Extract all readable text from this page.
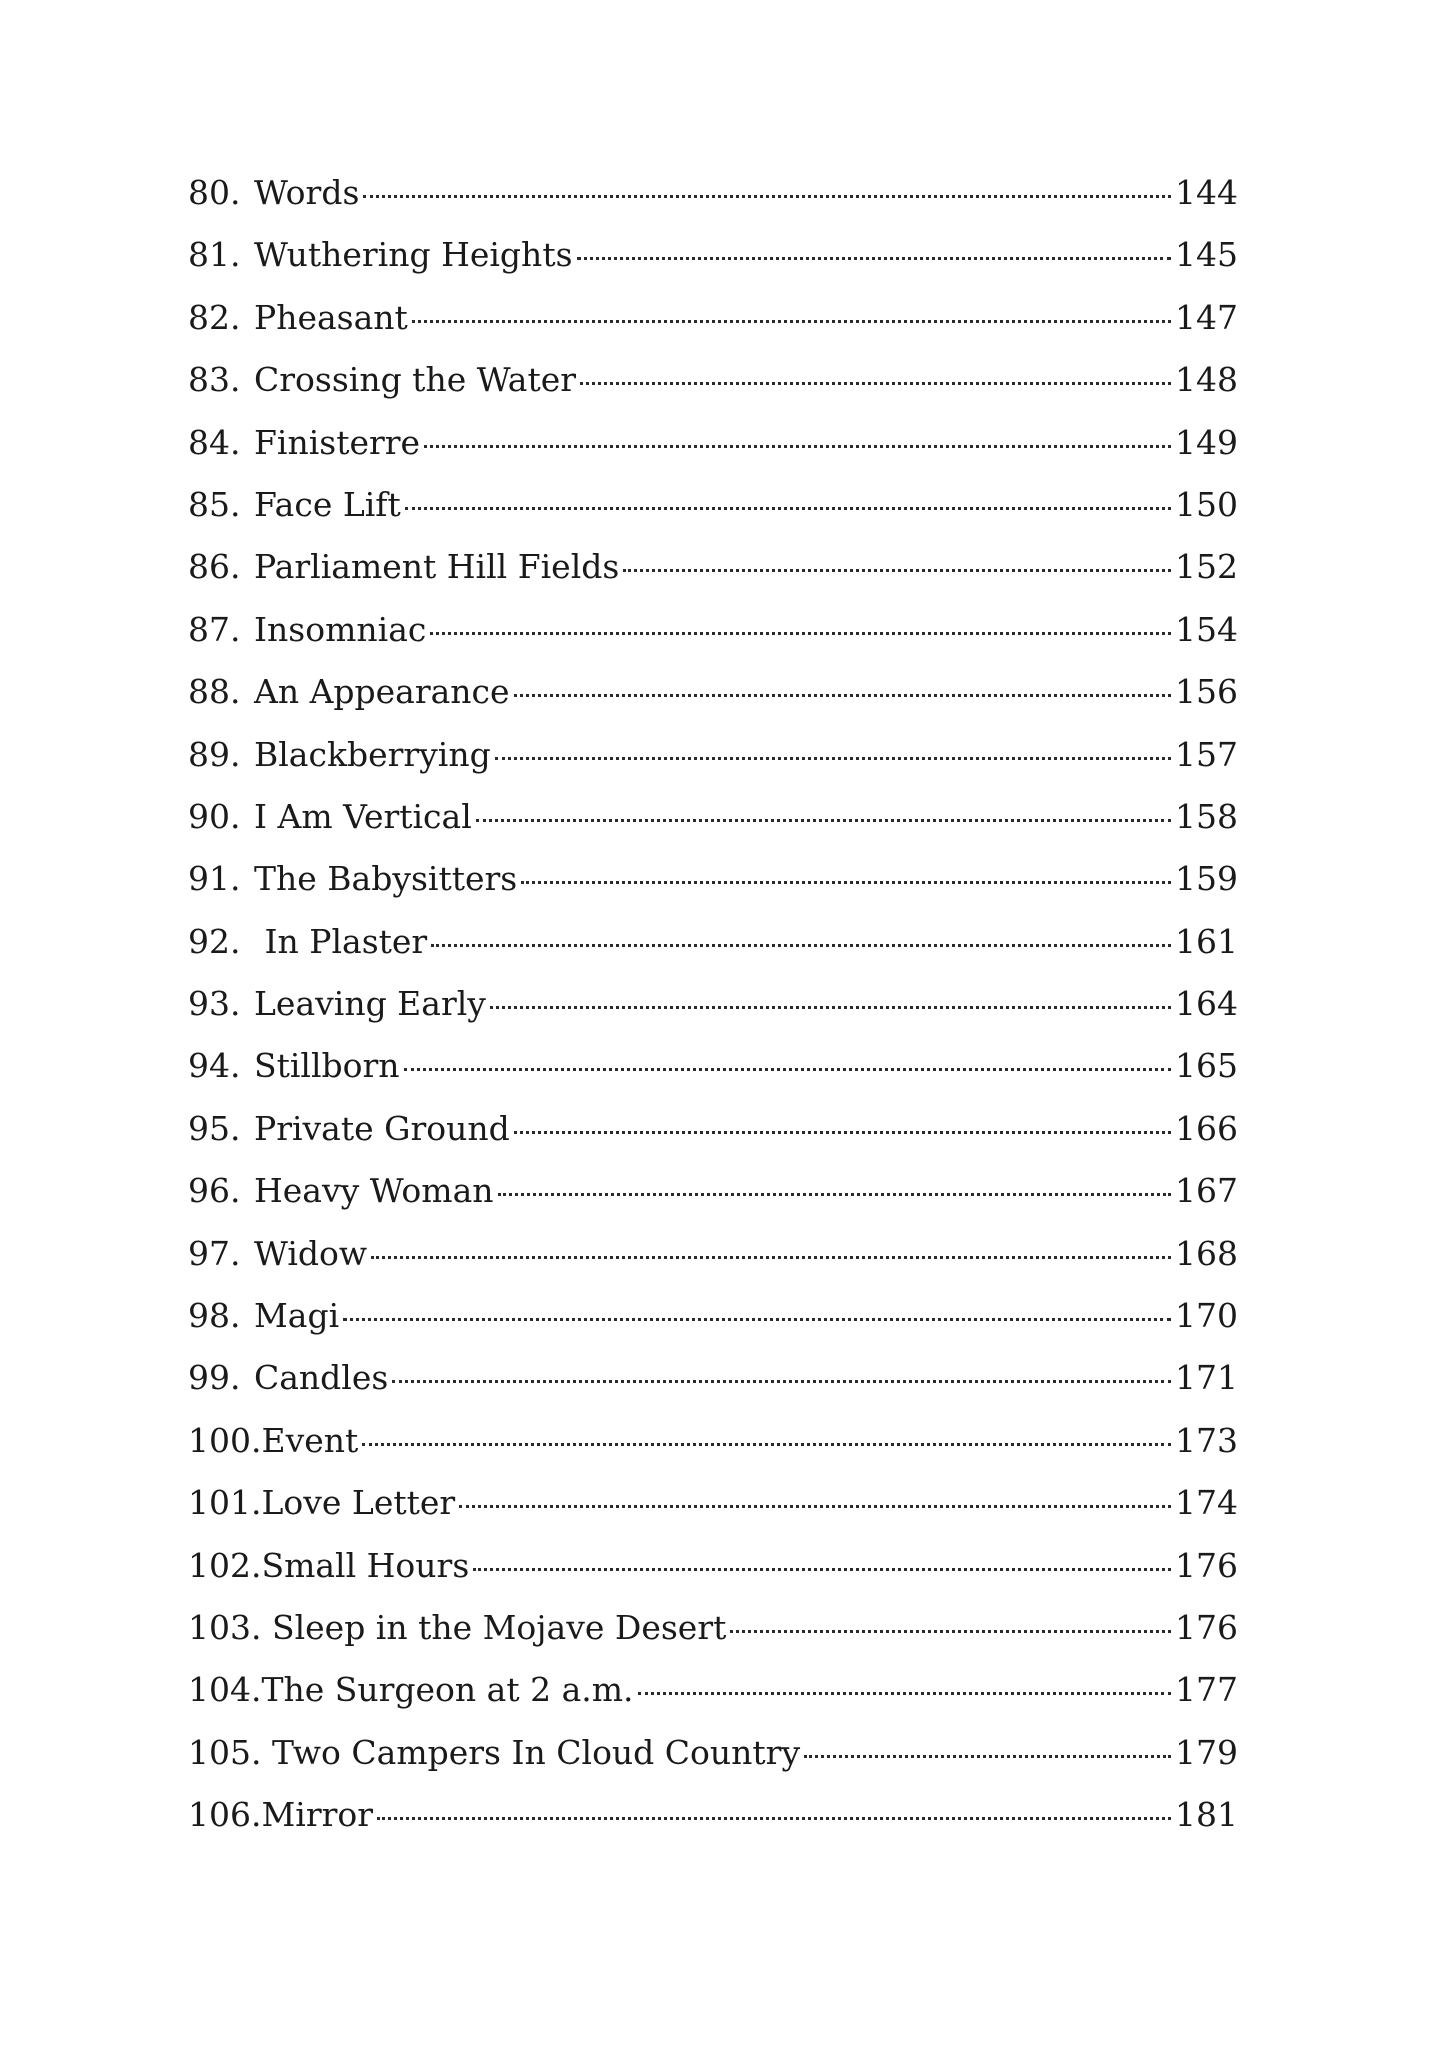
80. Words	144
81. Wuthering Heights	145
82. Pheasant	147
83. Crossing the Water	148
84. Finisterre	149
85. Face Lift	150
86. Parliament Hill Fields	152
87. Insomniac	154
88. An Appearance	156
89. Blackberrying	157
90. I Am Vertical	158
91. The Babysitters	159
92. In Plaster	161
93. Leaving Early	164
94. Stillborn	165
95. Private Ground	166
96. Heavy Woman	167
97. Widow	168
98. Magi	170
99. Candles	171
100. Event	173
101. Love Letter	174
102. Small Hours	176
103. Sleep in the Mojave Desert	176
104. The Surgeon at 2 a.m.	177
105. Two Campers In Cloud Country	179
106. Mirror	181
